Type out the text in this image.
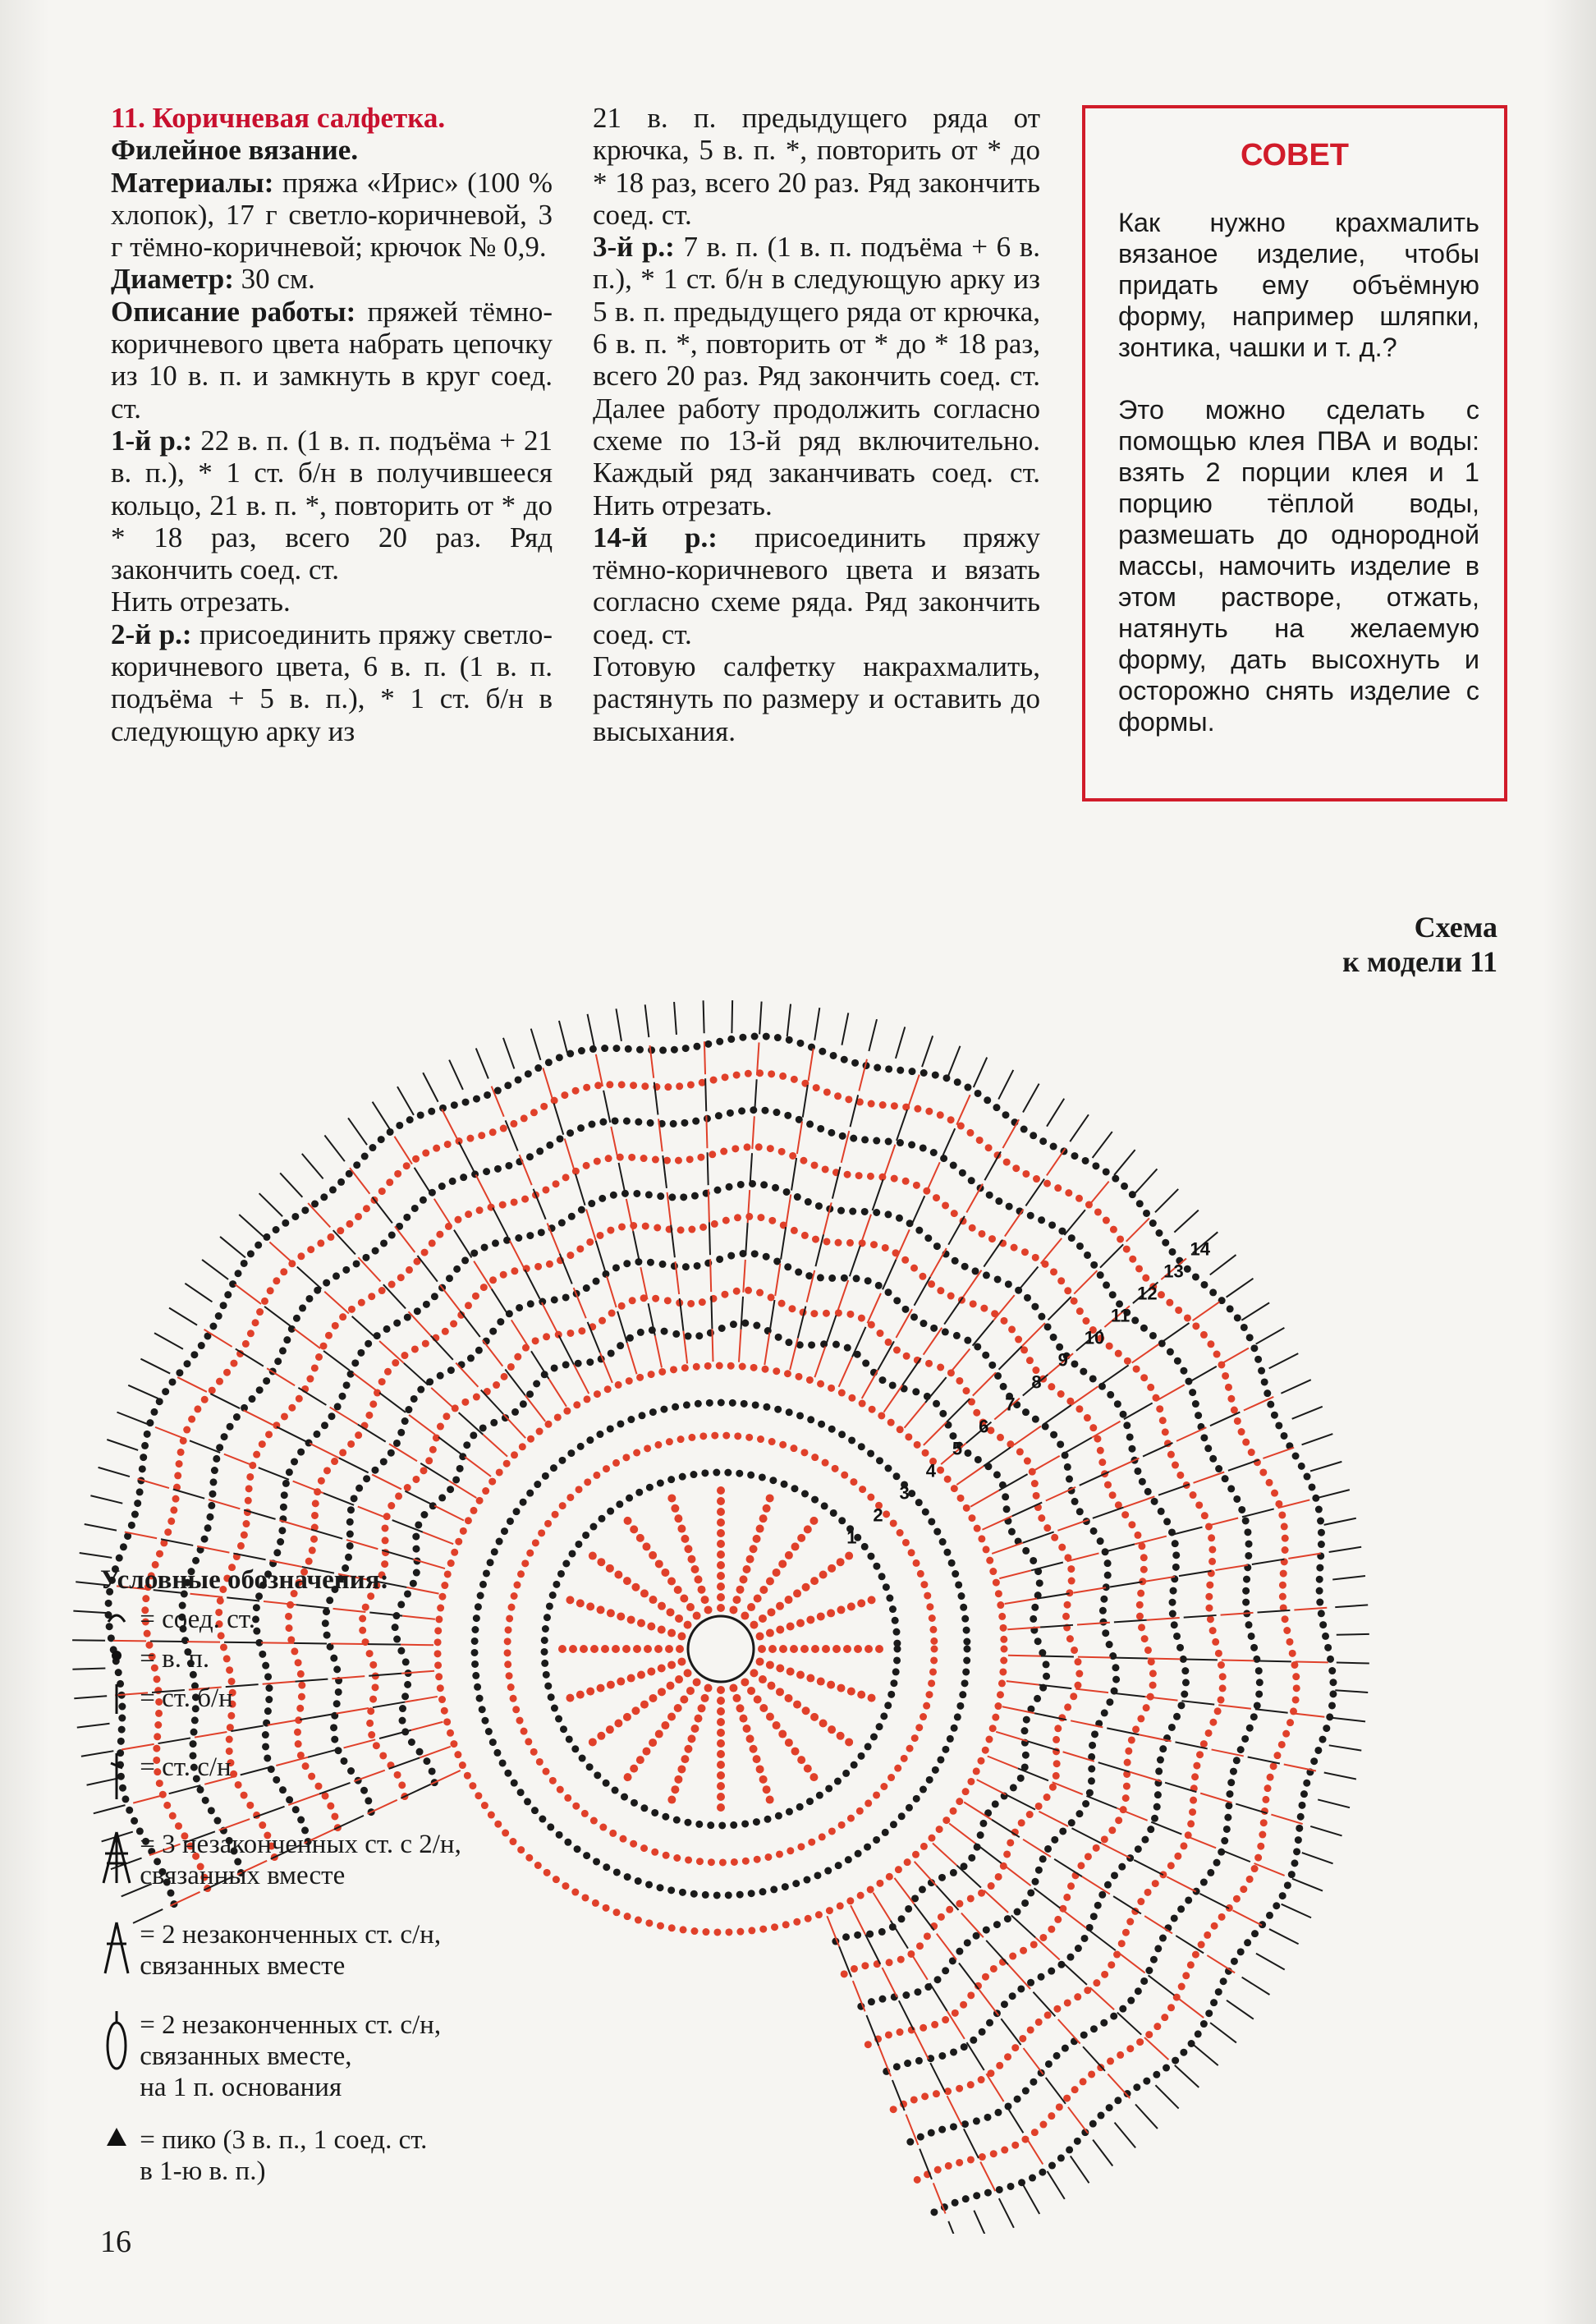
11. Коричневая салфетка.

Филейное вязание.

Материалы: пряжа «Ирис» (100 % хлопок), 17 г светло-коричневой, 3 г тёмно-коричневой; крючок № 0,9.

Диаметр: 30 см.

Описание работы: пряжей тёмно-коричневого цвета набрать цепочку из 10 в. п. и замкнуть в круг соед. ст.

1-й р.: 22 в. п. (1 в. п. подъёма + 21 в. п.), * 1 ст. б/н в получившееся кольцо, 21 в. п. *, повторить от * до * 18 раз, всего 20 раз. Ряд закончить соед. ст.

Нить отрезать.

2-й р.: присоединить пряжу светло-коричневого цвета, 6 в. п. (1 в. п. подъёма + 5 в. п.), * 1 ст. б/н в следующую арку из

21 в. п. предыдущего ряда от крючка, 5 в. п. *, повторить от * до * 18 раз, всего 20 раз. Ряд закончить соед. ст.

3-й р.: 7 в. п. (1 в. п. подъёма + 6 в. п.), * 1 ст. б/н в следующую арку из 5 в. п. предыдущего ряда от крючка, 6 в. п. *, повторить от * до * 18 раз, всего 20 раз. Ряд закончить соед. ст. Далее работу продолжить согласно схеме по 13-й ряд включительно. Каждый ряд заканчивать соед. ст. Нить отрезать.

14-й р.: присоединить пряжу тёмно-коричневого цвета и вязать согласно схеме ряда. Ряд закончить соед. ст.

Готовую салфетку накрахмалить, растянуть по размеру и оставить до высыхания.

СОВЕТ

Как нужно крахмалить вязаное изделие, чтобы придать ему объёмную форму, например шляпки, зонтика, чашки и т. д.?

Это можно сделать с помощью клея ПВА и воды: взять 2 порции клея и 1 порцию тёплой воды, размешать до однородной массы, намочить изделие в этом растворе, отжать, натянуть на желаемую форму, дать высохнуть и осторожно снять изделие с формы.

Схема
к модели 11
1
2
3
4
5
6
7
8
9
10
11
12
13
14
Условные обозначения:
= соед. ст.
= в. п.
= ст. б/н
= ст. с/н
= 3 незаконченных ст. с 2/н,
связанных вместе
= 2 незаконченных ст. с/н,
связанных вместе
= 2 незаконченных ст. с/н,
связанных вместе,
на 1 п. основания
= пико (3 в. п., 1 соед. ст.
в 1-ю в. п.)
16
